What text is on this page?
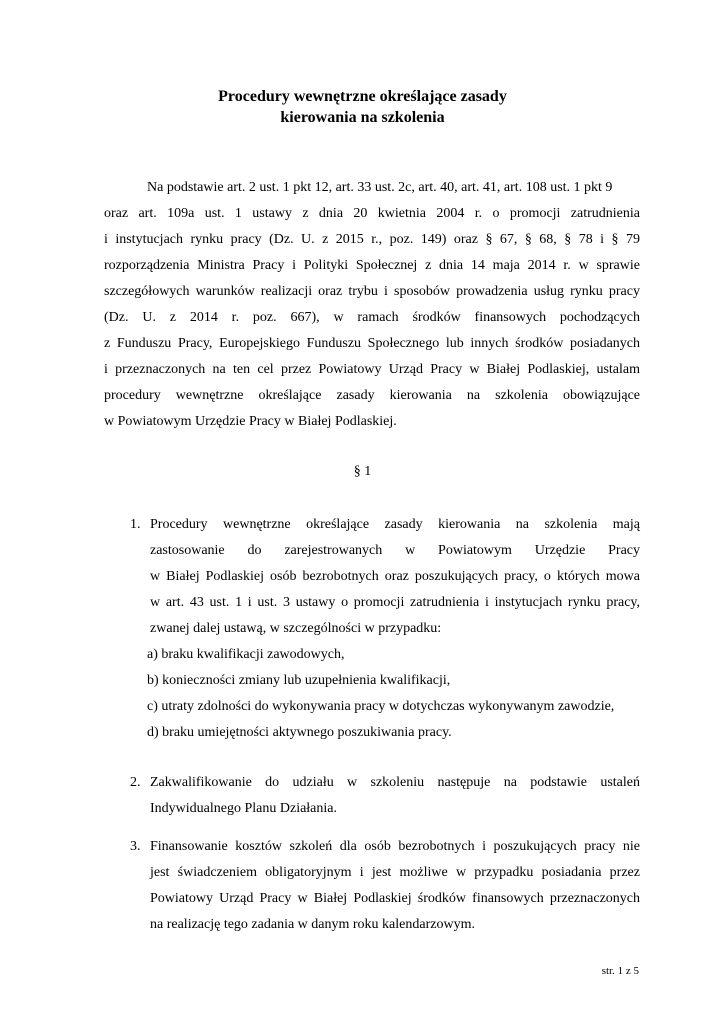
Procedury wewnętrzne określające zasady
kierowania na szkolenia
Na podstawie art. 2 ust. 1 pkt 12, art. 33 ust. 2c, art. 40, art. 41, art. 108 ust. 1 pkt 9
oraz art. 109a ust. 1 ustawy z dnia 20 kwietnia 2004 r. o promocji zatrudnienia
i instytucjach rynku pracy (Dz. U. z 2015 r., poz. 149) oraz § 67, § 68, § 78 i § 79
rozporządzenia Ministra Pracy i Polityki Społecznej z dnia 14 maja 2014 r. w sprawie
szczegółowych warunków realizacji oraz trybu i sposobów prowadzenia usług rynku pracy
(Dz. U. z 2014 r. poz. 667), w ramach środków finansowych pochodzących
z Funduszu Pracy, Europejskiego Funduszu Społecznego lub innych środków posiadanych
i przeznaczonych na ten cel przez Powiatowy Urząd Pracy w Białej Podlaskiej, ustalam
procedury wewnętrzne określające zasady kierowania na szkolenia obowiązujące
w Powiatowym Urzędzie Pracy w Białej Podlaskiej.
§ 1
1. Procedury wewnętrzne określające zasady kierowania na szkolenia mają
zastosowanie do zarejestrowanych w Powiatowym Urzędzie Pracy
w Białej Podlaskiej osób bezrobotnych oraz poszukujących pracy, o których mowa
w art. 43 ust. 1 i ust. 3 ustawy o promocji zatrudnienia i instytucjach rynku pracy,
zwanej dalej ustawą, w szczególności w przypadku:
a) braku kwalifikacji zawodowych,
b) konieczności zmiany lub uzupełnienia kwalifikacji,
c) utraty zdolności do wykonywania pracy w dotychczas wykonywanym zawodzie,
d) braku umiejętności aktywnego poszukiwania pracy.
2. Zakwalifikowanie do udziału w szkoleniu następuje na podstawie ustaleń
Indywidualnego Planu Działania.
3. Finansowanie kosztów szkoleń dla osób bezrobotnych i poszukujących pracy nie
jest świadczeniem obligatoryjnym i jest możliwe w przypadku posiadania przez
Powiatowy Urząd Pracy w Białej Podlaskiej środków finansowych przeznaczonych
na realizację tego zadania w danym roku kalendarzowym.
str. 1 z 5
